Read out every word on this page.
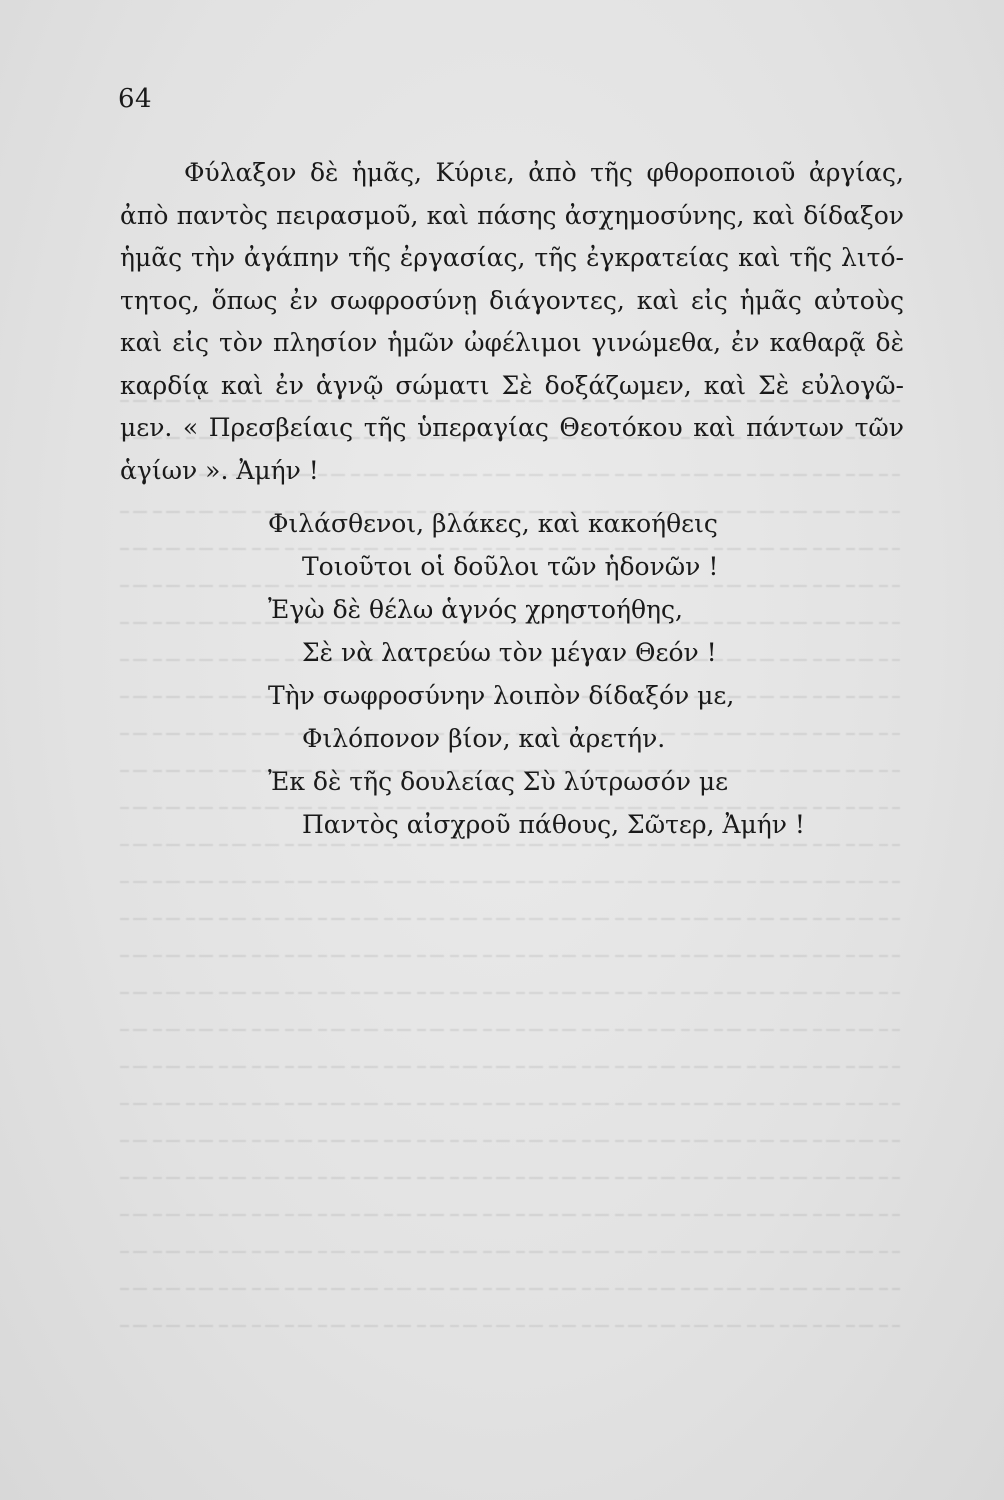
64

Φύλαξον δὲ ἡμᾶς, Κύριε, ἀπὸ τῆς φθοροποιοῦ ἀργίας, ἀπὸ παντὸς πειρασμοῦ, καὶ πάσης ἀσχημοσύνης, καὶ δίδαξον ἡμᾶς τὴν ἀγάπην τῆς ἐργασίας, τῆς ἐγκρατείας καὶ τῆς λιτότητος, ὅπως ἐν σωφροσύνῃ διάγοντες, καὶ εἰς ἡμᾶς αὐτοὺς καὶ εἰς τὸν πλησίον ἡμῶν ὠφέλιμοι γινώμεθα, ἐν καθαρᾷ δὲ καρδίᾳ καὶ ἐν ἁγνῷ σώματι Σὲ δοξάζωμεν, καὶ Σὲ εὐλογῶμεν. « Πρεσβείαις τῆς ὑπεραγίας Θεοτόκου καὶ πάντων τῶν ἁγίων ». Ἀμήν !

Φιλάσθενοι, βλάκες, καὶ κακοήθεις
Τοιοῦτοι οἱ δοῦλοι τῶν ἡδονῶν !
Ἐγὼ δὲ θέλω ἁγνός χρηστοήθης,
Σὲ νὰ λατρεύω τὸν μέγαν Θεόν !
Τὴν σωφροσύνην λοιπὸν δίδαξόν με,
Φιλόπονον βίον, καὶ ἀρετήν.
Ἐκ δὲ τῆς δουλείας Σὺ λύτρωσόν με
Παντὸς αἰσχροῦ πάθους, Σῶτερ, Ἀμήν !
